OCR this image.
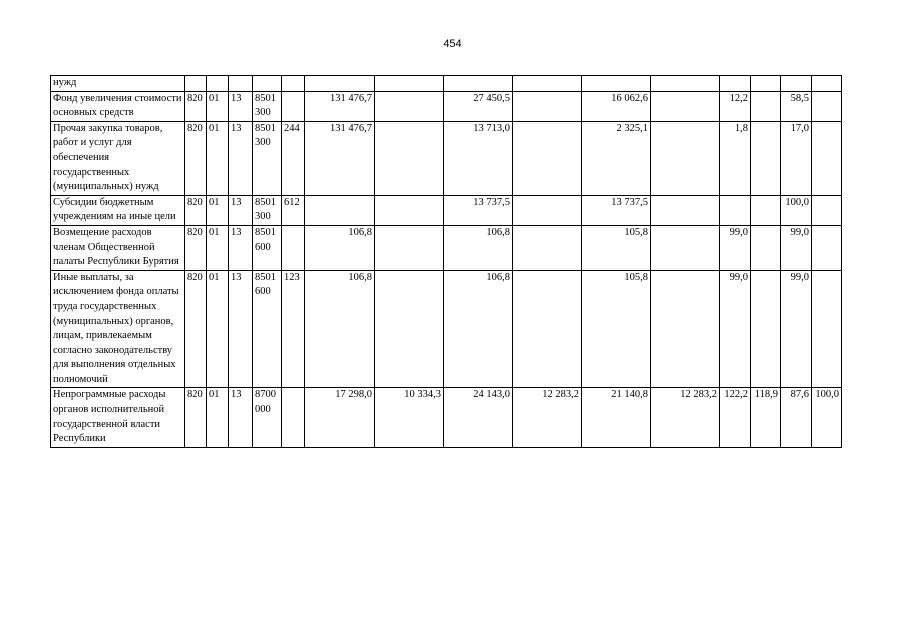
454
нужд															
Фонд увеличения стоимости основных средств	820	01	13	8501 300		131 476,7		27 450,5		16 062,6		12,2		58,5	
Прочая закупка товаров, работ и услуг для обеспечения государственных (муниципальных) нужд	820	01	13	8501 300	244	131 476,7		13 713,0		2 325,1		1,8		17,0	
Субсидии бюджетным учреждениям на иные цели	820	01	13	8501 300	612			13 737,5		13 737,5				100,0	
Возмещение расходов членам Общественной палаты Республики Бурятия	820	01	13	8501 600		106,8		106,8		105,8		99,0		99,0	
Иные выплаты, за исключением фонда оплаты труда государственных (муниципальных) органов, лицам, привлекаемым согласно законодательству для выполнения отдельных полномочий	820	01	13	8501 600	123	106,8		106,8		105,8		99,0		99,0	
Непрограммные расходы органов исполнительной государственной власти Республики	820	01	13	8700 000		17 298,0	10 334,3	24 143,0	12 283,2	21 140,8	12 283,2	122,2	118,9	87,6	100,0
